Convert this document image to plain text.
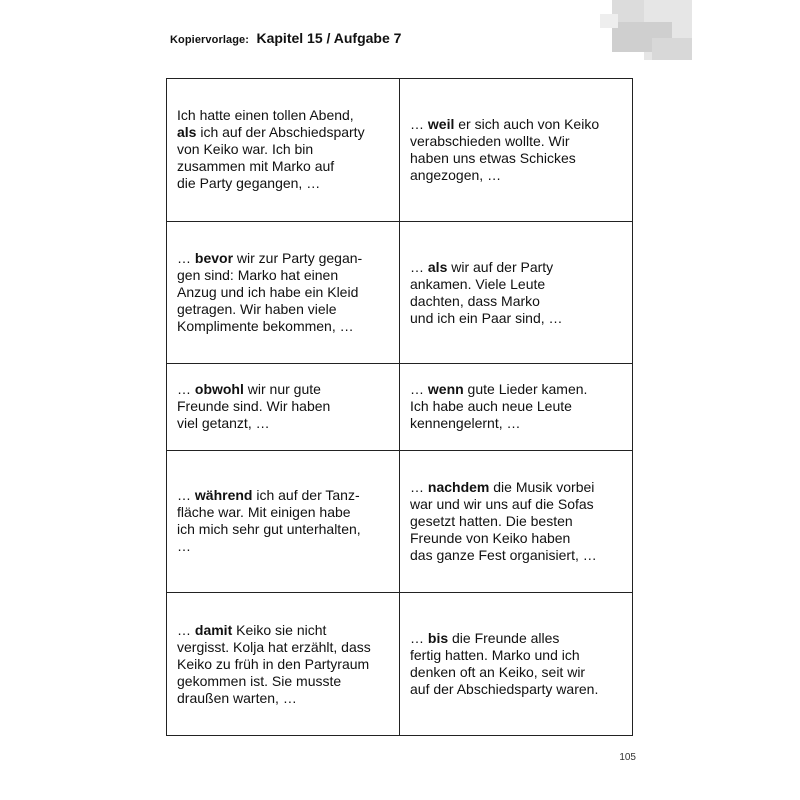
Kopiervorlage: Kapitel 15 / Aufgabe 7
Ich hatte einen tollen Abend,
als ich auf der Abschiedsparty
von Keiko war. Ich bin
zusammen mit Marko auf
die Party gegangen, …	… weil er sich auch von Keiko
verabschieden wollte. Wir
haben uns etwas Schickes
angezogen, …

… bevor wir zur Party gegan-
gen sind: Marko hat einen
Anzug und ich habe ein Kleid
getragen. Wir haben viele
Komplimente bekommen, …	… als wir auf der Party
ankamen. Viele Leute
dachten, dass Marko
und ich ein Paar sind, …

… obwohl wir nur gute
Freunde sind. Wir haben
viel getanzt, …	… wenn gute Lieder kamen.
Ich habe auch neue Leute
kennengelernt, …

… während ich auf der Tanz-
fläche war. Mit einigen habe
ich mich sehr gut unterhalten,
…	… nachdem die Musik vorbei
war und wir uns auf die Sofas
gesetzt hatten. Die besten
Freunde von Keiko haben
das ganze Fest organisiert, …

… damit Keiko sie nicht
vergisst. Kolja hat erzählt, dass
Keiko zu früh in den Partyraum
gekommen ist. Sie musste
draußen warten, …	… bis die Freunde alles
fertig hatten. Marko und ich
denken oft an Keiko, seit wir
auf der Abschiedsparty waren.
105
